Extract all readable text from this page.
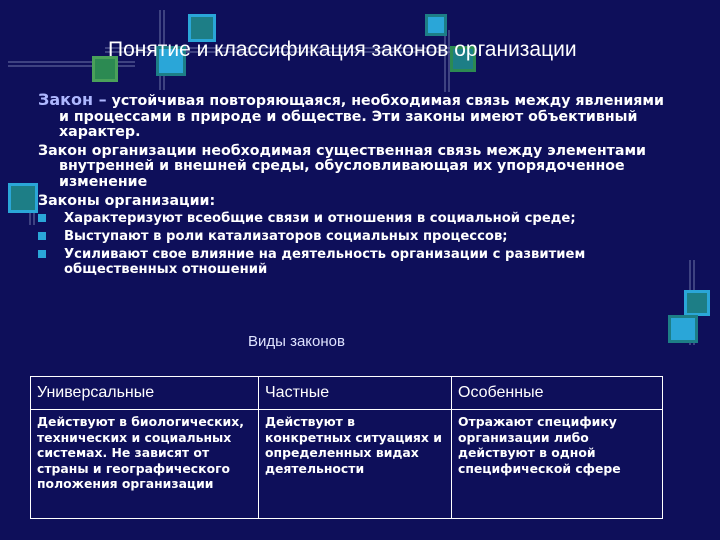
Понятие и классификация законов организации
Закон – устойчивая повторяющаяся, необходимая связь между явлениями и процессами в природе и обществе. Эти законы имеют объективный характер.
Закон организации необходимая существенная связь между элементами внутренней и внешней среды, обусловливающая их упорядоченное изменение
Законы организации:
Характеризуют всеобщие связи и отношения в социальной среде;
Выступают в роли катализаторов социальных процессов;
Усиливают свое влияние на деятельность организации с развитием общественных отношений
Виды законов
Универсальные	Частные	Особенные
Действуют в биологических, технических и социальных системах. Не зависят от страны и географического положения организации	Действуют в конкретных ситуациях и определенных видах деятельности	Отражают специфику организации либо действуют в одной специфической сфере
